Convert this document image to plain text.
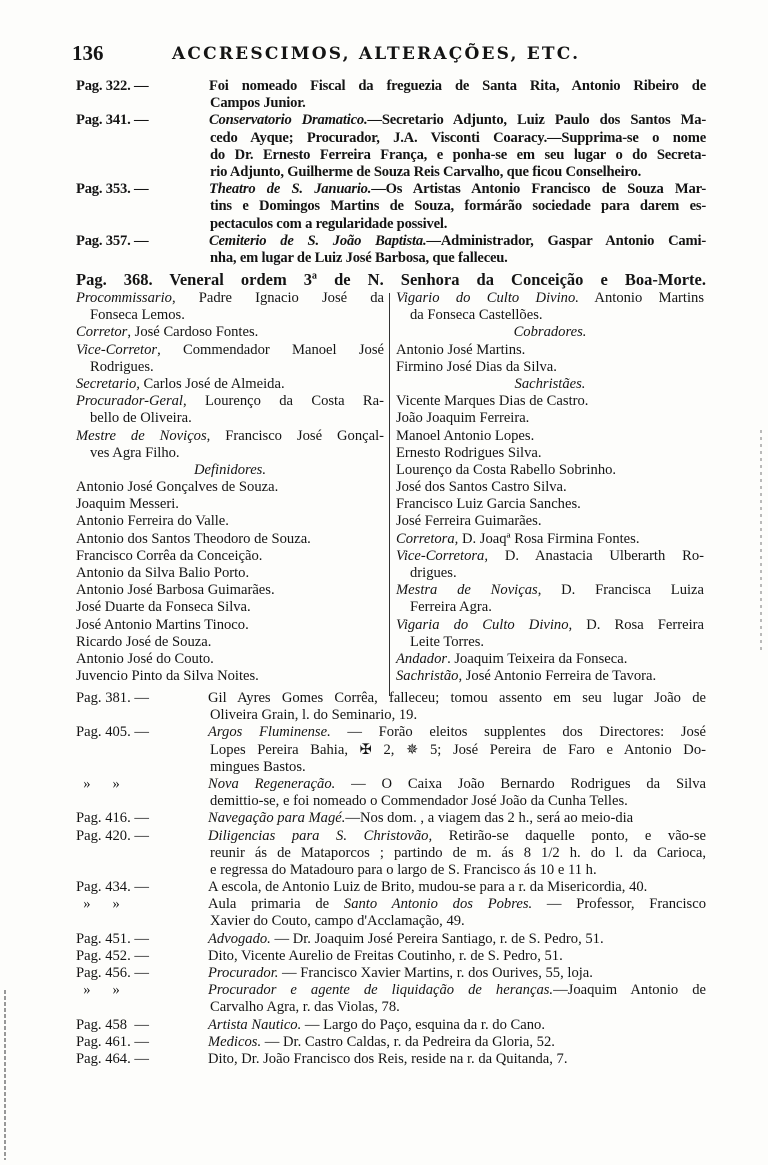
136	ACCRESCIMOS, ALTERAÇÕES, ETC.
Pag. 322. —	Foi nomeado Fiscal da freguezia de Santa Rita, Antonio Ribeiro de
Campos Junior.
Pag. 341. —	Conservatorio Dramatico.—Secretario Adjunto, Luiz Paulo dos Santos Ma-
cedo Ayque; Procurador, J.A. Visconti Coaracy.—Supprima-se o nome
do Dr. Ernesto Ferreira França, e ponha-se em seu lugar o do Secreta-
rio Adjunto, Guilherme de Souza Reis Carvalho, que ficou Conselheiro.
Pag. 353. —	Theatro de S. Januario.—Os Artistas Antonio Francisco de Souza Mar-
tins e Domingos Martins de Souza, formárão sociedade para darem es-
pectaculos com a regularidade possivel.
Pag. 357. —	Cemiterio de S. João Baptista.—Administrador, Gaspar Antonio Cami-
nha, em lugar de Luiz José Barbosa, que falleceu.
Pag. 368. Veneral ordem 3ª de N. Senhora da Conceição e Boa-Morte.
Procommissario, Padre Ignacio José da
Fonseca Lemos.
Corretor, José Cardoso Fontes.
Vice-Corretor, Commendador Manoel José
Rodrigues.
Secretario, Carlos José de Almeida.
Procurador-Geral, Lourenço da Costa Ra-
bello de Oliveira.
Mestre de Noviços, Francisco José Gonçal-
ves Agra Filho.
Definidores.
Antonio José Gonçalves de Souza.
Joaquim Messeri.
Antonio Ferreira do Valle.
Antonio dos Santos Theodoro de Souza.
Francisco Corrêa da Conceição.
Antonio da Silva Balio Porto.
Antonio José Barbosa Guimarães.
José Duarte da Fonseca Silva.
José Antonio Martins Tinoco.
Ricardo José de Souza.
Antonio José do Couto.
Juvencio Pinto da Silva Noites.
Vigario do Culto Divino. Antonio Martins
da Fonseca Castellões.
Cobradores.
Antonio José Martins.
Firmino José Dias da Silva.
Sachristães.
Vicente Marques Dias de Castro.
João Joaquim Ferreira.
Manoel Antonio Lopes.
Ernesto Rodrigues Silva.
Lourenço da Costa Rabello Sobrinho.
José dos Santos Castro Silva.
Francisco Luiz Garcia Sanches.
José Ferreira Guimarães.
Corretora, D. Joaqª Rosa Firmina Fontes.
Vice-Corretora, D. Anastacia Ulberarth Ro-
drigues.
Mestra de Noviças, D. Francisca Luiza
Ferreira Agra.
Vigaria do Culto Divino, D. Rosa Ferreira
Leite Torres.
Andador. Joaquim Teixeira da Fonseca.
Sachristão, José Antonio Ferreira de Tavora.
Pag. 381. —	Gil Ayres Gomes Corrêa, falleceu; tomou assento em seu lugar João de
Oliveira Grain, l. do Seminario, 19.
Pag. 405. —	Argos Fluminense. — Forão eleitos supplentes dos Directores: José
Lopes Pereira Bahia, ✠ 2, ✵ 5; José Pereira de Faro e Antonio Do-
mingues Bastos.
»      »	Nova Regeneração. — O Caixa João Bernardo Rodrigues da Silva
demittio-se, e foi nomeado o Commendador José João da Cunha Telles.
Pag. 416. —	Navegação para Magé.—Nos dom. , a viagem das 2 h., será ao meio-dia
Pag. 420. —	Diligencias para S. Christovão, Retirão-se daquelle ponto, e vão-se
reunir ás de Mataporcos ; partindo de m. ás 8 1/2 h. do l. da Carioca,
e regressa do Matadouro para o largo de S. Francisco ás 10 e 11 h.
Pag. 434. —	A escola, de Antonio Luiz de Brito, mudou-se para a r. da Misericordia, 40.
»      »	Aula primaria de Santo Antonio dos Pobres. — Professor, Francisco
Xavier do Couto, campo d'Acclamação, 49.
Pag. 451. —	Advogado. — Dr. Joaquim José Pereira Santiago, r. de S. Pedro, 51.
Pag. 452. —	Dito, Vicente Aurelio de Freitas Coutinho, r. de S. Pedro, 51.
Pag. 456. —	Procurador. — Francisco Xavier Martins, r. dos Ourives, 55, loja.
»      »	Procurador e agente de liquidação de heranças.—Joaquim Antonio de
Carvalho Agra, r. das Violas, 78.
Pag. 458  —	Artista Nautico. — Largo do Paço, esquina da r. do Cano.
Pag. 461. —	Medicos. — Dr. Castro Caldas, r. da Pedreira da Gloria, 52.
Pag. 464. —	Dito, Dr. João Francisco dos Reis, reside na r. da Quitanda, 7.
